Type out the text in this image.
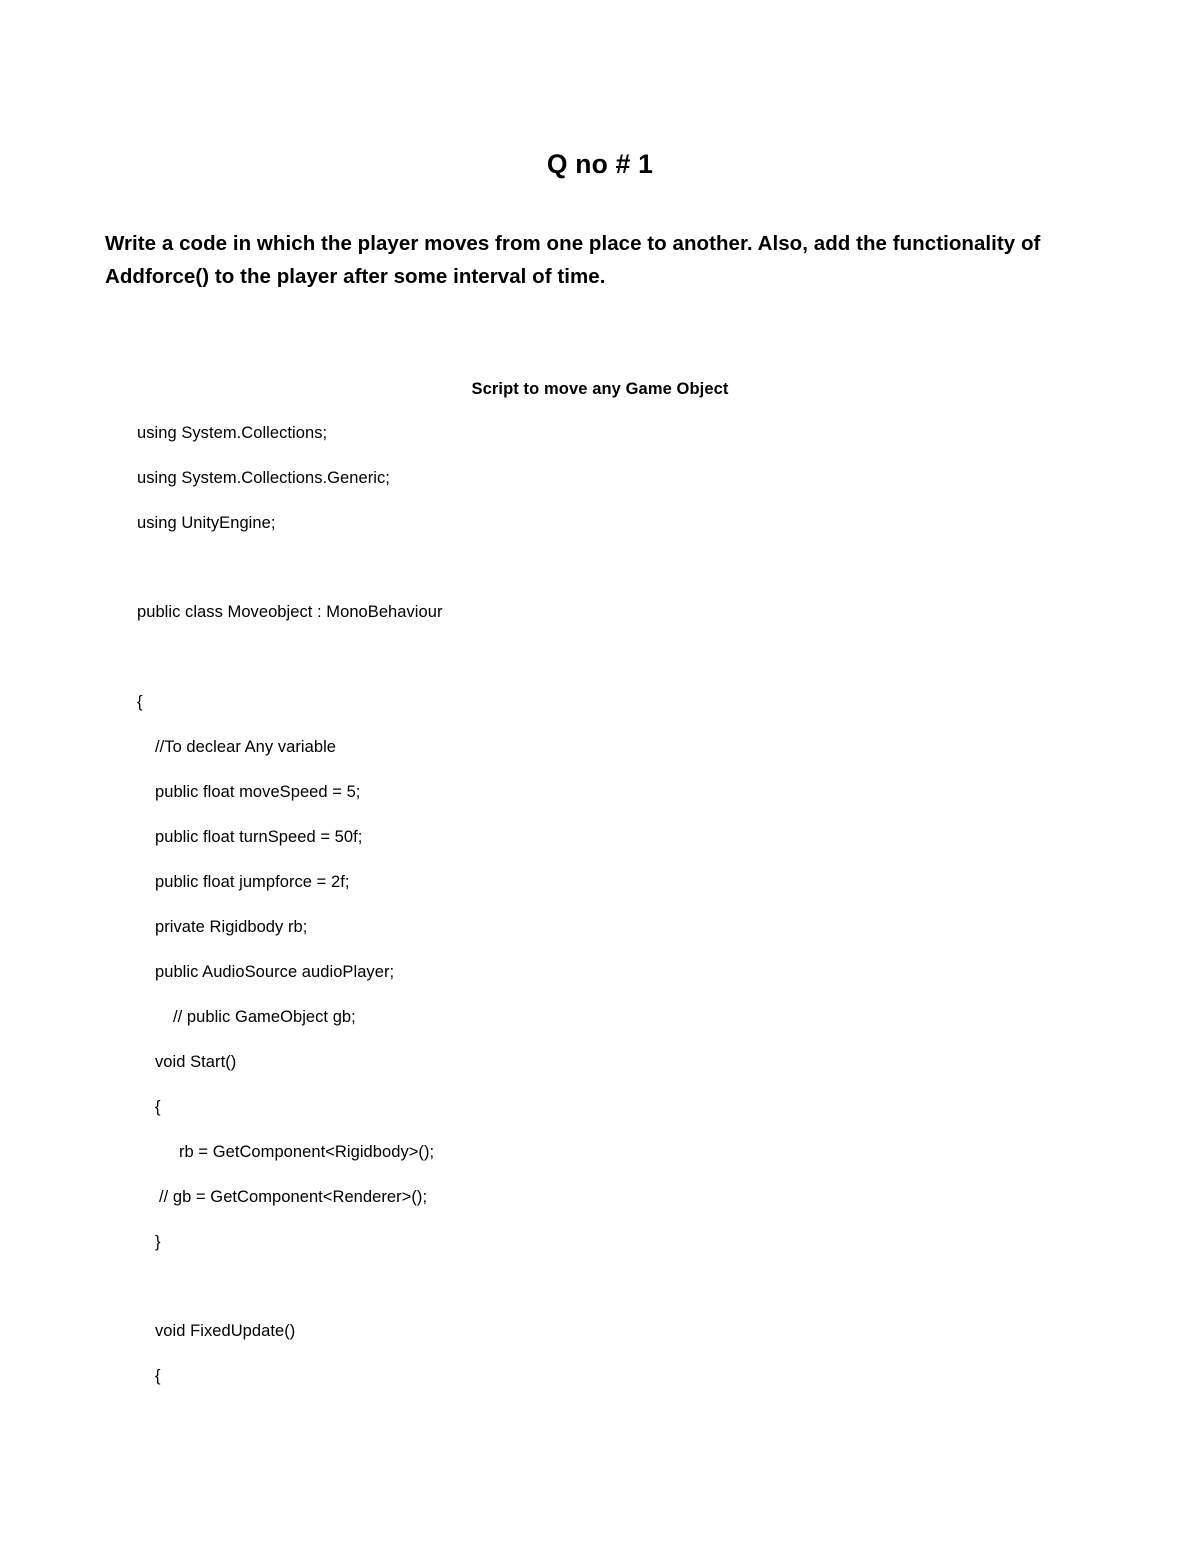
Q no # 1

Write a code in which the player moves from one place to another. Also, add the functionality of Addforce() to the player after some interval of time.

Script to move any Game Object
using System.Collections;
using System.Collections.Generic;
using UnityEngine;
public class Moveobject : MonoBehaviour
{
//To declear Any variable
public float moveSpeed = 5;
public float turnSpeed = 50f;
public float jumpforce = 2f;
private Rigidbody rb;
public AudioSource audioPlayer;
// public GameObject gb;
void Start()
{
rb = GetComponent<Rigidbody>();
// gb = GetComponent<Renderer>();
}
void FixedUpdate()
{
